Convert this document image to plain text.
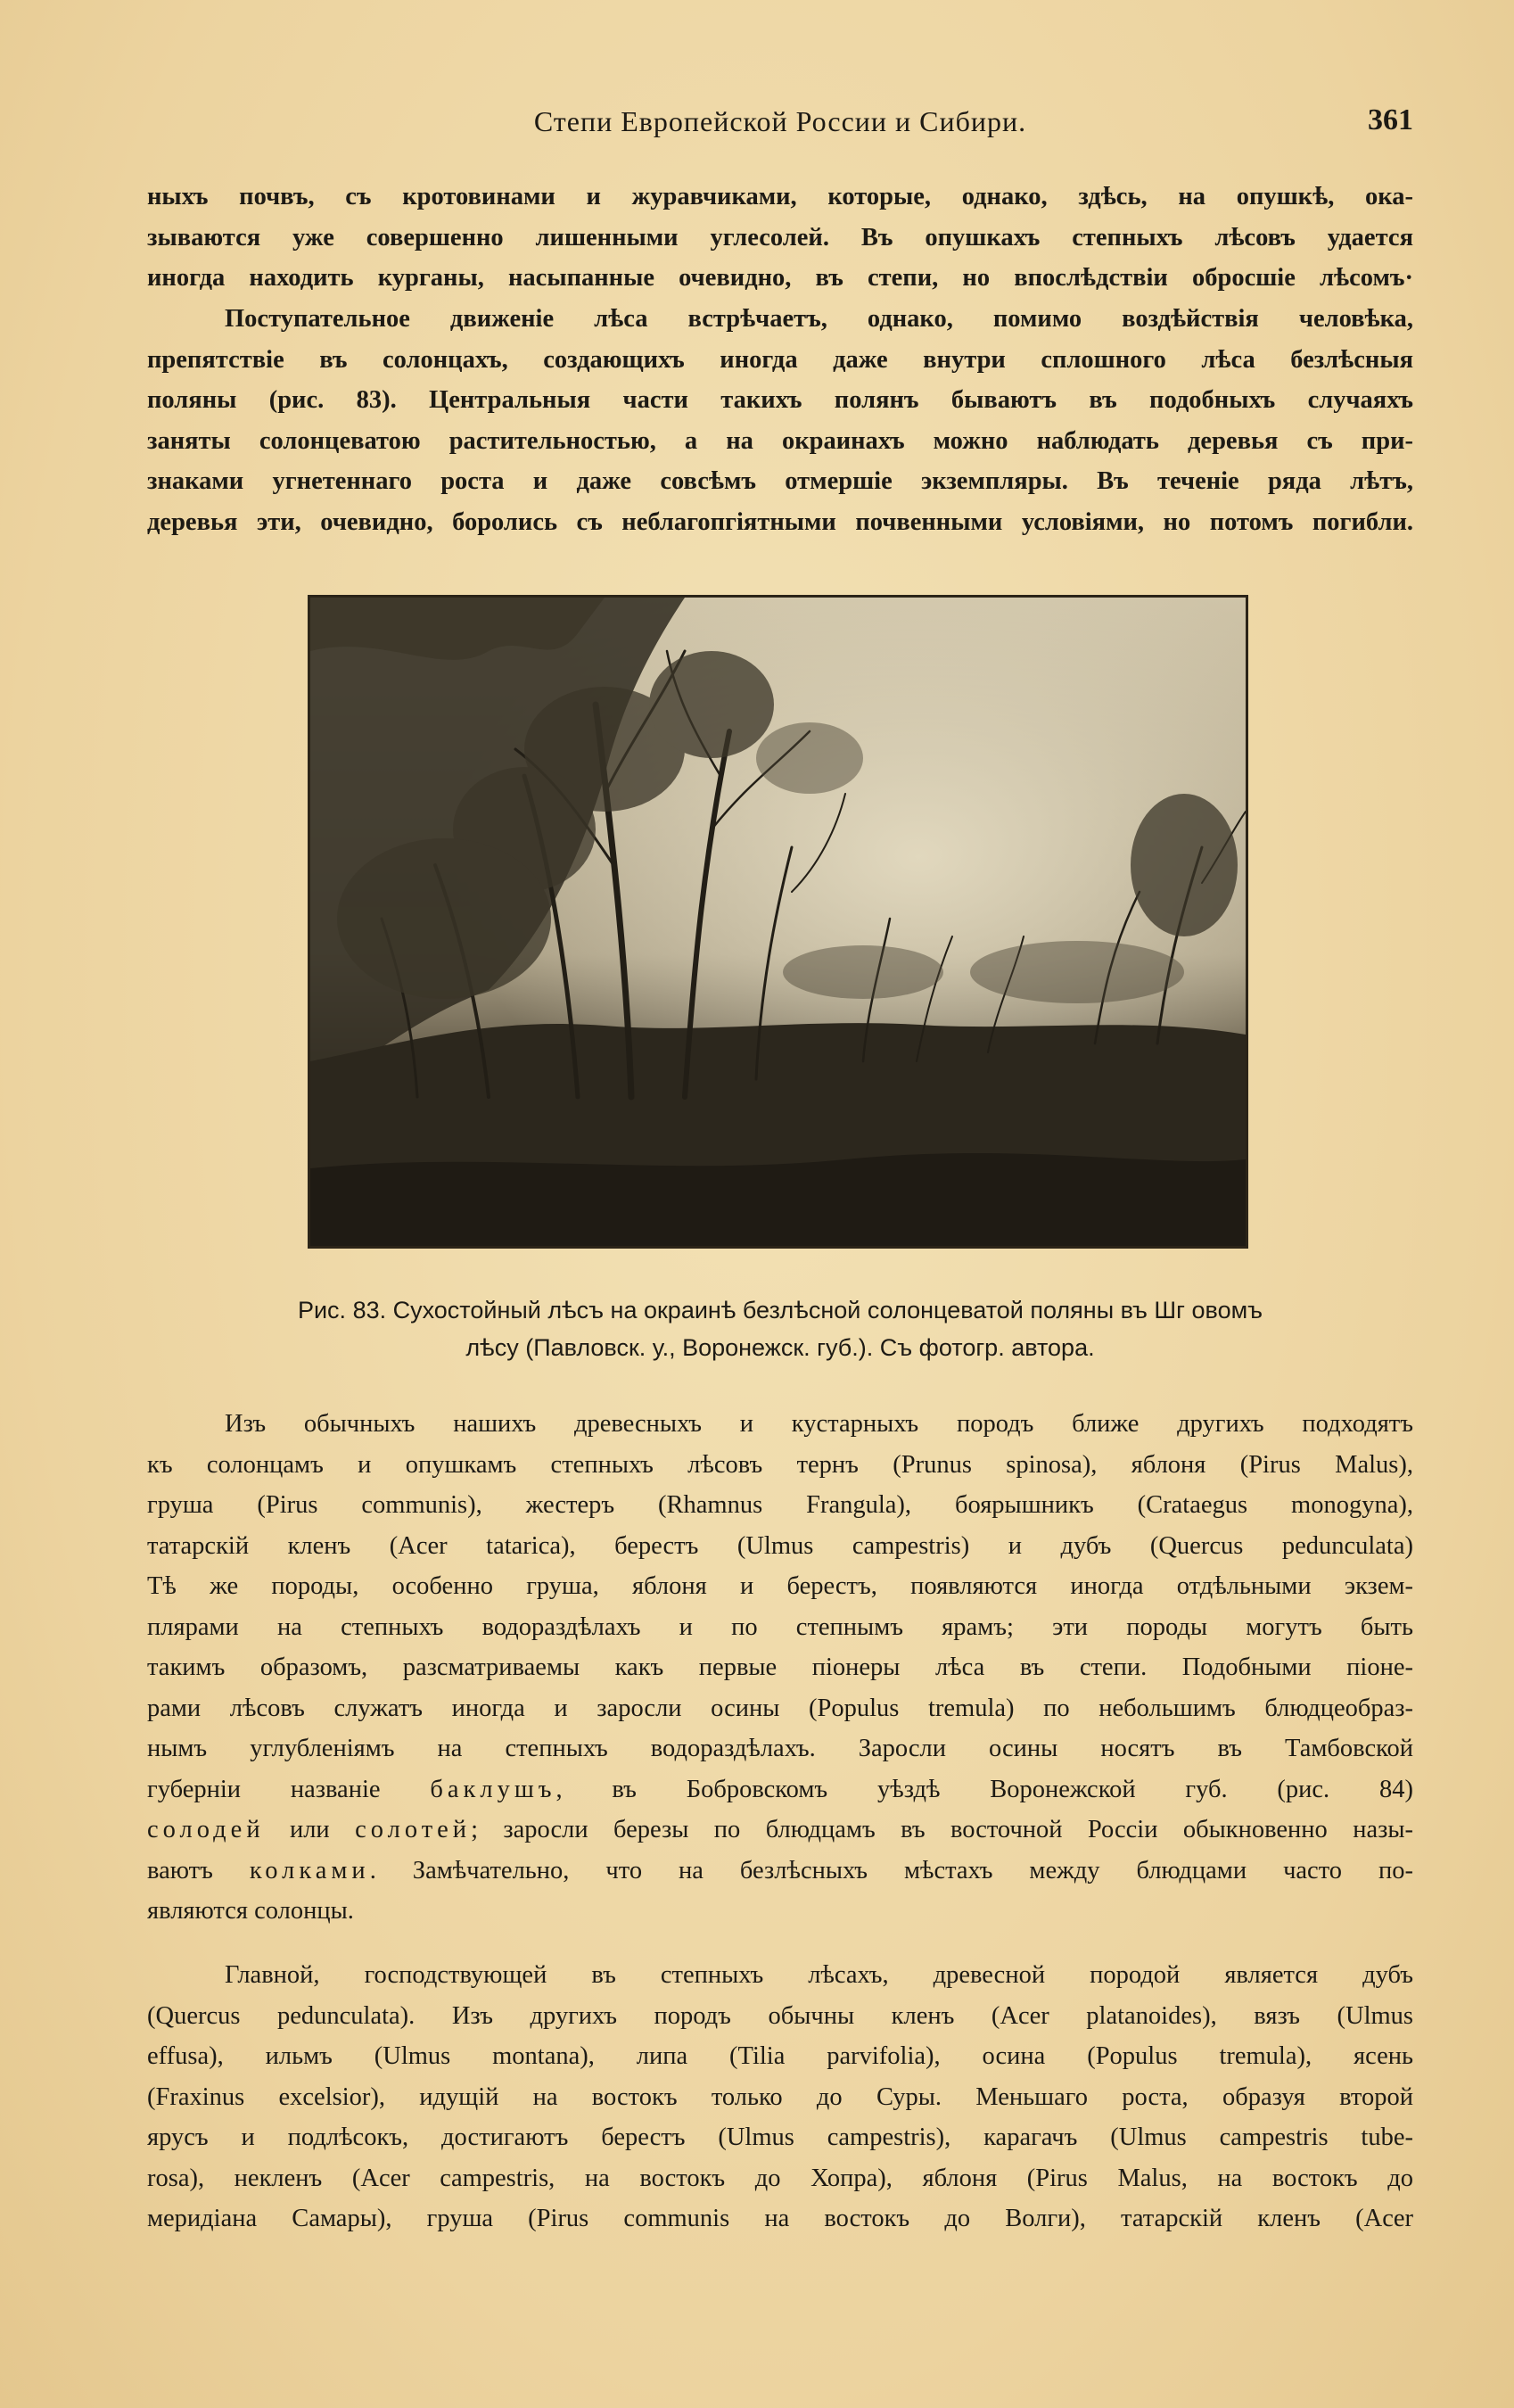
Степи Европейской России и Сибири.	361
ныхъ почвъ, съ кротовинами и журавчиками, которые, однако, здѣсь, на опушкѣ, ока-
зываются уже совершенно лишенными углесолей. Въ опушкахъ степныхъ лѣсовъ удается
иногда находить курганы, насыпанные очевидно, въ степи, но впослѣдствіи обросшіе лѣсомъ·
Поступательное движеніе лѣса встрѣчаетъ, однако, помимо воздѣйствія человѣка,
препятствіе въ солонцахъ, создающихъ иногда даже внутри сплошного лѣса безлѣсныя
поляны (рис. 83). Центральныя части такихъ полянъ бываютъ въ подобныхъ случаяхъ
заняты солонцеватою растительностью, а на окраинахъ можно наблюдать деревья съ при-
знаками угнетеннаго роста и даже совсѣмъ отмершіе экземпляры. Въ теченіе ряда лѣтъ,
деревья эти, очевидно, боролись съ неблагопгіятными почвенными условіями, но потомъ погибли.
Рис. 83. Сухостойный лѣсъ на окраинѣ безлѣсной солонцеватой поляны въ Шг овомъ
лѣсу (Павловск. у., Воронежск. губ.). Съ фотогр. автора.
Изъ обычныхъ нашихъ древесныхъ и кустарныхъ породъ ближе другихъ подходятъ
къ солонцамъ и опушкамъ степныхъ лѣсовъ тернъ (Prunus spinosa), яблоня (Pirus Malus),
груша (Pirus communis), жестеръ (Rhamnus Frangula), боярышникъ (Crataegus monogyna),
татарскій кленъ (Acer tatarica), берестъ (Ulmus campestris) и дубъ (Quercus pedunculata)
Тѣ же породы, особенно груша, яблоня и берестъ, появляются иногда отдѣльными экзем-
плярами на степныхъ водораздѣлахъ и по степнымъ ярамъ; эти породы могутъ быть
такимъ образомъ, разсматриваемы какъ первые піонеры лѣса въ степи. Подобными піоне-
рами лѣсовъ служатъ иногда и заросли осины (Populus tremula) по небольшимъ блюдцеобраз-
нымъ углубленіямъ на степныхъ водораздѣлахъ. Заросли осины носятъ въ Тамбовской
губерніи названіе баклушъ, въ Бобровскомъ уѣздѣ Воронежской губ. (рис. 84)
солодей или солотей; заросли березы по блюдцамъ въ восточной Россіи обыкновенно назы-
ваютъ колками. Замѣчательно, что на безлѣсныхъ мѣстахъ между блюдцами часто по-
являются солонцы.
Главной, господствующей въ степныхъ лѣсахъ, древесной породой является дубъ
(Quercus pedunculata). Изъ другихъ породъ обычны кленъ (Acer platanoides), вязъ (Ulmus
effusa), ильмъ (Ulmus montana), липа (Tilia parvifolia), осина (Populus tremula), ясень
(Fraxinus excelsior), идущій на востокъ только до Суры. Меньшаго роста, образуя второй
ярусъ и подлѣсокъ, достигаютъ берестъ (Ulmus campestris), карагачъ (Ulmus campestris tube-
rosa), некленъ (Acer campestris, на востокъ до Хопра), яблоня (Pirus Malus, на востокъ до
меридіана Самары), груша (Pirus communis на востокъ до Волги), татарскій кленъ (Acer
